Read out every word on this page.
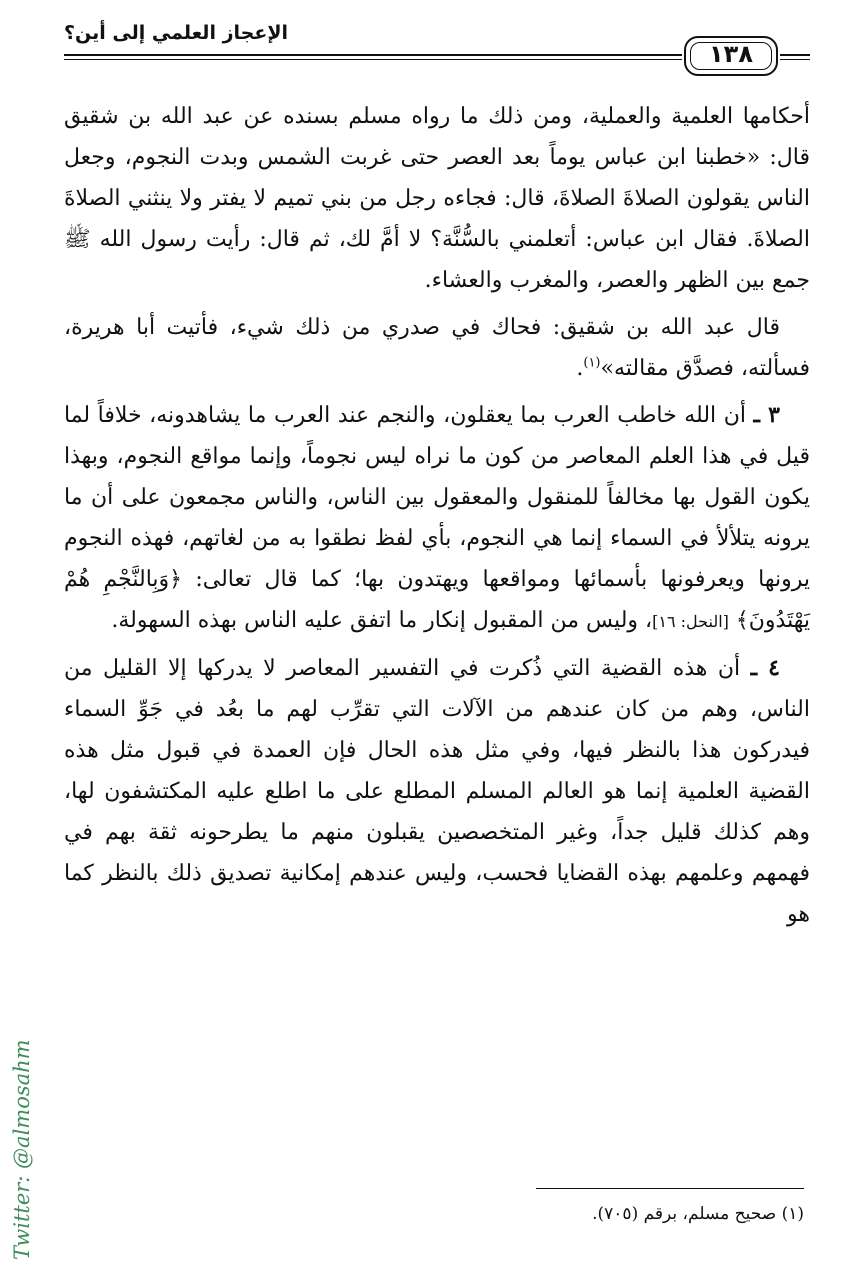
الإعجاز العلمي إلى أين؟
١٣٨

أحكامها العلمية والعملية، ومن ذلك ما رواه مسلم بسنده عن عبد الله بن شقيق قال: «خطبنا ابن عباس يوماً بعد العصر حتى غربت الشمس وبدت النجوم، وجعل الناس يقولون الصلاةَ الصلاةَ، قال: فجاءه رجل من بني تميم لا يفتر ولا ينثني الصلاةَ الصلاةَ. فقال ابن عباس: أتعلمني بالسُّنَّة؟ لا أمَّ لك، ثم قال: رأيت رسول الله ﷺ جمع بين الظهر والعصر، والمغرب والعشاء.

قال عبد الله بن شقيق: فحاك في صدري من ذلك شيء، فأتيت أبا هريرة، فسألته، فصدَّق مقالته»$^{(١)}$.

٣ ـ أن الله خاطب العرب بما يعقلون، والنجم عند العرب ما يشاهدونه، خلافاً لما قيل في هذا العلم المعاصر من كون ما نراه ليس نجوماً، وإنما مواقع النجوم، وبهذا يكون القول بها مخالفاً للمنقول والمعقول بين الناس، والناس مجمعون على أن ما يرونه يتلألأ في السماء إنما هي النجوم، بأي لفظ نطقوا به من لغاتهم، فهذه النجوم يرونها ويعرفونها بأسمائها ومواقعها ويهتدون بها؛ كما قال تعالى: ﴿وَبِالنَّجْمِ هُمْ يَهْتَدُونَ﴾ [النحل: ١٦]، وليس من المقبول إنكار ما اتفق عليه الناس بهذه السهولة.

٤ ـ أن هذه القضية التي ذُكرت في التفسير المعاصر لا يدركها إلا القليل من الناس، وهم من كان عندهم من الآلات التي تقرِّب لهم ما بعُد في جَوِّ السماء فيدركون هذا بالنظر فيها، وفي مثل هذه الحال فإن العمدة في قبول مثل هذه القضية العلمية إنما هو العالم المسلم المطلع على ما اطلع عليه المكتشفون لها، وهم كذلك قليل جداً، وغير المتخصصين يقبلون منهم ما يطرحونه ثقة بهم في فهمهم وعلمهم بهذه القضايا فحسب، وليس عندهم إمكانية تصديق ذلك بالنظر كما هو

(١) صحيح مسلم، برقم (٧٠٥).
Twitter: @almosahm
